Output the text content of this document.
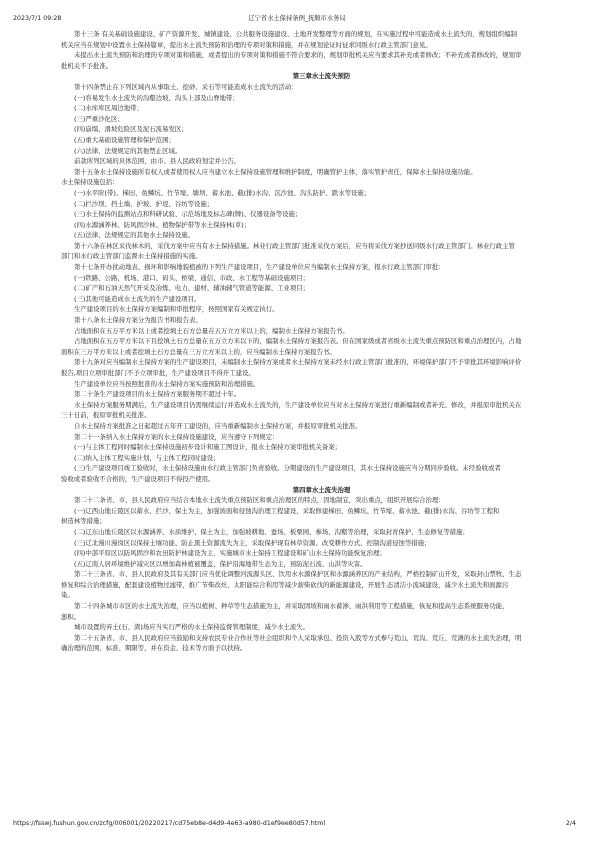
2023/7/1 09:28	辽宁省水土保持条例_抚顺市水务局
第十三条 有关基础设施建设、矿产资源开发、城镇建设、公共服务设施建设、土地开发整理等方面的规划，在实施过程中可能造成水土流失的，规划组织编制
机关应当在规划中设置水土保持篇章，提出水土流失预防和治理的专项对策和措施，并在规划论证时征求同级水行政主管部门意见。
未提出水土流失预防和治理的专项对策和措施，或者提出的专项对策和措施不符合要求的，规划审批机关应当要求其补充或者修改；不补充或者修改的，规划审
批机关不予批准。
第三章水土流失预防
第十四条禁止在下列区域内从事取土、挖砂、采石等可能造成水土流失的活动：
(一)容易发生水土流失的沟壑边坡、沟头上部及山脊地带；
(二)水库库区周边地带；
(三)严重沙化区；
(四)崩塌、滑坡危险区及泥石流易发区；
(五)重大基础设施管理和保护范围；
(六)法律、法规规定的其他禁止区域。
前款所列区域的具体范围，由市、县人民政府划定并公告。
第十五条水土保持设施所有权人或者使用权人应当建立水土保持设施管理和维护制度，明确管护主体，落实管护责任，保障水土保持设施功能。
水土保持设施包括：
(一)水平阶(带)、梯田、鱼鳞坑、竹节壕、塘坝、蓄水池、截(排)水沟、沉沙池、沟头防护、跌水等设施；
(二)拦沙坝、挡土墙、护坡、护堤、谷坊等设施；
(三)水土保持的监测站点和科研试验、示范场地及标志碑(牌)、仪器设备等设施；
(四)水源涵养林、防风固沙林、植物保护带等水土保持林(草)；
(五)法律、法规规定的其他水土保持设施。
第十六条在林区采伐林木的，采伐方案中应当有水土保持措施。林业行政主管部门批准采伐方案后，应当将采伐方案抄送同级水行政主管部门。林业行政主管
部门和水行政主管部门监督水土保持措施的实施。
第十七条开办扰动地表、损坏和影响地貌植被的下列生产建设项目，生产建设单位应当编制水土保持方案，报水行政主管部门审批：
(一)铁路、公路、机场、港口、码头、桥梁、通信、市政、水工程等基础设施项目；
(二)矿产和石油天然气开采及冶炼、电力、建材、辅油辅气管道等能源、工业项目；
(三)其他可能造成水土流失的生产建设项目。
生产建设项目的水土保持方案编制和审批程序，按照国家有关规定执行。
第十八条水土保持方案分为报告书和报告表。
占地面积在五万平方米以上或者挖填土石方总量在五万立方米以上的，编制水土保持方案报告书。
占地面积在五万平方米以下且挖填土石方总量在五万立方米以下的，编制水土保持方案报告表。但在国家级或者省级水土流失重点预防区和重点治理区内，占地
面积在三万平方米以上或者挖填土石方总量在三万立方米以上的，应当编制水土保持方案报告书。
第十九条对应当编制水土保持方案的生产建设项目，未编制水土保持方案或者水土保持方案未经水行政主管部门批准的，环境保护部门不予审批其环境影响评价
报告,项目立项审批部门不予立项审批，生产建设项目不得开工建设。
生产建设单位应当按照批准的水土保持方案实施预防和治理措施。
第二十条生产建设项目的水土保持方案服务期不超过十年。
水土保持方案服务期满后，生产建设项目仍需继续运行并造成水土流失的，生产建设单位应当对水土保持方案进行重新编制或者补充、修改，并报原审批机关在
三十日前，报原审批机关批准。
自水土保持方案批准之日起超过五年开工建设的，应当重新编制水土保持方案，并报原审批机关批准。
第二十一条纳入水土保持方案的水土保持设施建设，应当遵守下列规定：
(一)与主体工程同时编制水土保持设施初步设计和施工图设计，报水土保持方案审批机关备案；
(二)纳入主体工程实施计划，与主体工程同时建设；
(三)生产建设项目竣工验收时，水土保持设施由水行政主管部门负责验收。分期建设的生产建设项目，其水土保持设施应当分期同步验收。未经验收或者
验收或者验收不合格的，生产建设项目不得投产使用。
第四章水土流失治理
第二十二条省、市、县人民政府应当结合本地水土流失重点预防区和重点治理区的特点，因地制宜，突出重点，组织开展综合治理：
(一)辽西山地丘陵区以蓄水、拦沙、保土为主，加强坡面和侵蚀沟治理工程建设，采取修建梯田、鱼鳞坑、竹节壕、蓄水池、截(排)水沟、谷坊等工程和
树造林等措施；
(二)辽东山地丘陵区以水源涵养、水质维护、保土为主，加强坡耕地、蚕场、板栗园、参场、沟壑等治理，采取封育保护、生态修复等措施；
(三)辽北漫川漫岗区以保持土壤功能、防止黑土资源流失为主，采取保护现有林草资源、改变耕作方式、控制沟道侵蚀等措施；
(四)中部平原区以防风固沙和农田防护林建设为主，实施城市水土保持工程建设和矿山水土保持功能恢复治理；
(五)辽南人居环境维护减灾区以增加森林植被覆盖、保护沿海地带生态为主，预防泥石流、山洪等灾害。
第二十三条省、市、县人民政府及其有关部门应当优化调整河流源头区、饮用水水源保护区和水源涵养区的产业结构，严格控制矿山开发，采取封山禁牧、生态
修复和综合治理措施，配套建设植物过滤带，推广节柴改灶、太阳能综合利用等减少薪柴砍伐的新能源建设，开展生态清洁小流域建设，减少水土流失和面源污
染。
第二十四条城市市区的水土流失治理，应当以植树、种草等生态措施为主，并采取固坡和雨水蓄渗、雨洪利用等工程措施，恢复和提高生态系统服务功能，
澎积。
城市设置的弃土(石、渣)场应当实行严格的水土保持监督管理制度，减少水土流失。
第二十五条省、市、县人民政府应当鼓励和支持农民专业合作社等社会组织和个人采取承包、投资入股等方式参与荒山、荒沟、荒丘、荒滩的水土流失治理，明
确治理的范围、标准、期限等，并在资金、技术等方面予以扶持。
https://fsswj.fushun.gov.cn/zcfg/006001/20220217/cd75eb8e-d4d9-4e63-a980-d1ef9ee80d57.html	2/4
